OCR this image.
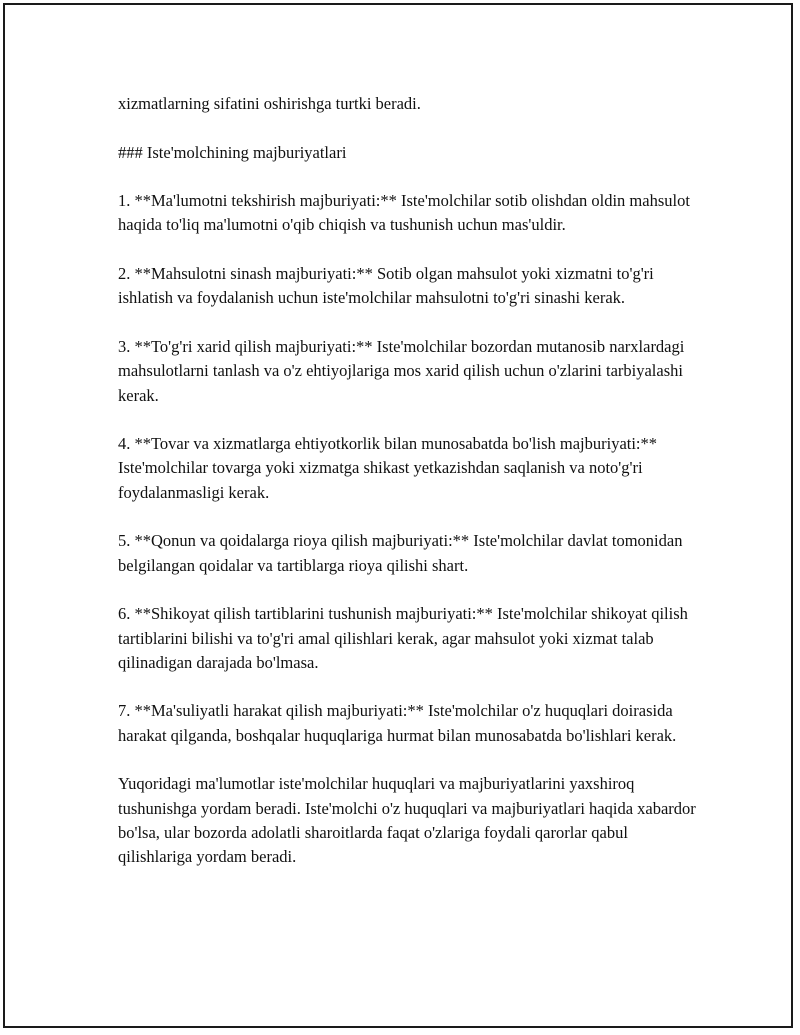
xizmatlarning sifatini oshirishga turtki beradi.

### Iste'molchining majburiyatlari

1. **Ma'lumotni tekshirish majburiyati:** Iste'molchilar sotib olishdan oldin mahsulot haqida to'liq ma'lumotni o'qib chiqish va tushunish uchun mas'uldir.

2. **Mahsulotni sinash majburiyati:** Sotib olgan mahsulot yoki xizmatni to'g'ri ishlatish va foydalanish uchun iste'molchilar mahsulotni to'g'ri sinashi kerak.

3. **To'g'ri xarid qilish majburiyati:** Iste'molchilar bozordan mutanosib narxlardagi mahsulotlarni tanlash va o'z ehtiyojlariga mos xarid qilish uchun o'zlarini tarbiyalashi kerak.

4. **Tovar va xizmatlarga ehtiyotkorlik bilan munosabatda bo'lish majburiyati:** Iste'molchilar tovarga yoki xizmatga shikast yetkazishdan saqlanish va noto'g'ri foydalanmasligi kerak.

5. **Qonun va qoidalarga rioya qilish majburiyati:** Iste'molchilar davlat tomonidan belgilangan qoidalar va tartiblarga rioya qilishi shart.

6. **Shikoyat qilish tartiblarini tushunish majburiyati:** Iste'molchilar shikoyat qilish tartiblarini bilishi va to'g'ri amal qilishlari kerak, agar mahsulot yoki xizmat talab qilinadigan darajada bo'lmasa.

7. **Ma'suliyatli harakat qilish majburiyati:** Iste'molchilar o'z huquqlari doirasida harakat qilganda, boshqalar huquqlariga hurmat bilan munosabatda bo'lishlari kerak.

Yuqoridagi ma'lumotlar iste'molchilar huquqlari va majburiyatlarini yaxshiroq tushunishga yordam beradi. Iste'molchi o'z huquqlari va majburiyatlari haqida xabardor bo'lsa, ular bozorda adolatli sharoitlarda faqat o'zlariga foydali qarorlar qabul qilishlariga yordam beradi.
